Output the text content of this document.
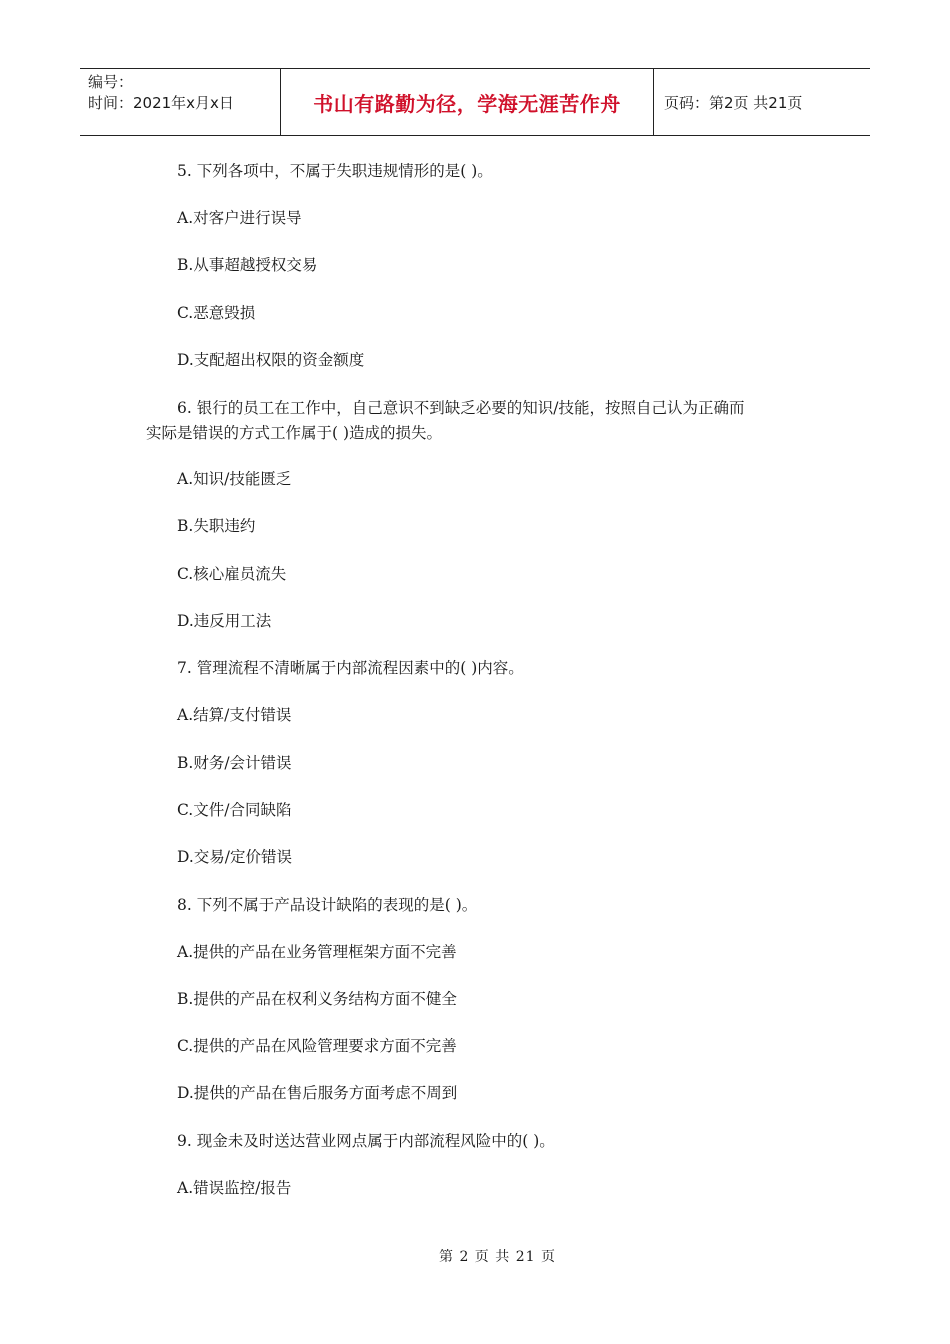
编号：
时间：2021年x月x日	书山有路勤为径，学海无涯苦作舟	页码：第2页 共21页
5. 下列各项中，不属于失职违规情形的是( )。
A.对客户进行误导
B.从事超越授权交易
C.恶意毁损
D.支配超出权限的资金额度
6. 银行的员工在工作中，自己意识不到缺乏必要的知识/技能，按照自己认为正确而
实际是错误的方式工作属于( )造成的损失。
A.知识/技能匮乏
B.失职违约
C.核心雇员流失
D.违反用工法
7. 管理流程不清晰属于内部流程因素中的( )内容。
A.结算/支付错误
B.财务/会计错误
C.文件/合同缺陷
D.交易/定价错误
8. 下列不属于产品设计缺陷的表现的是( )。
A.提供的产品在业务管理框架方面不完善
B.提供的产品在权利义务结构方面不健全
C.提供的产品在风险管理要求方面不完善
D.提供的产品在售后服务方面考虑不周到
9. 现金未及时送达营业网点属于内部流程风险中的( )。
A.错误监控/报告
第 2 页 共 21 页
